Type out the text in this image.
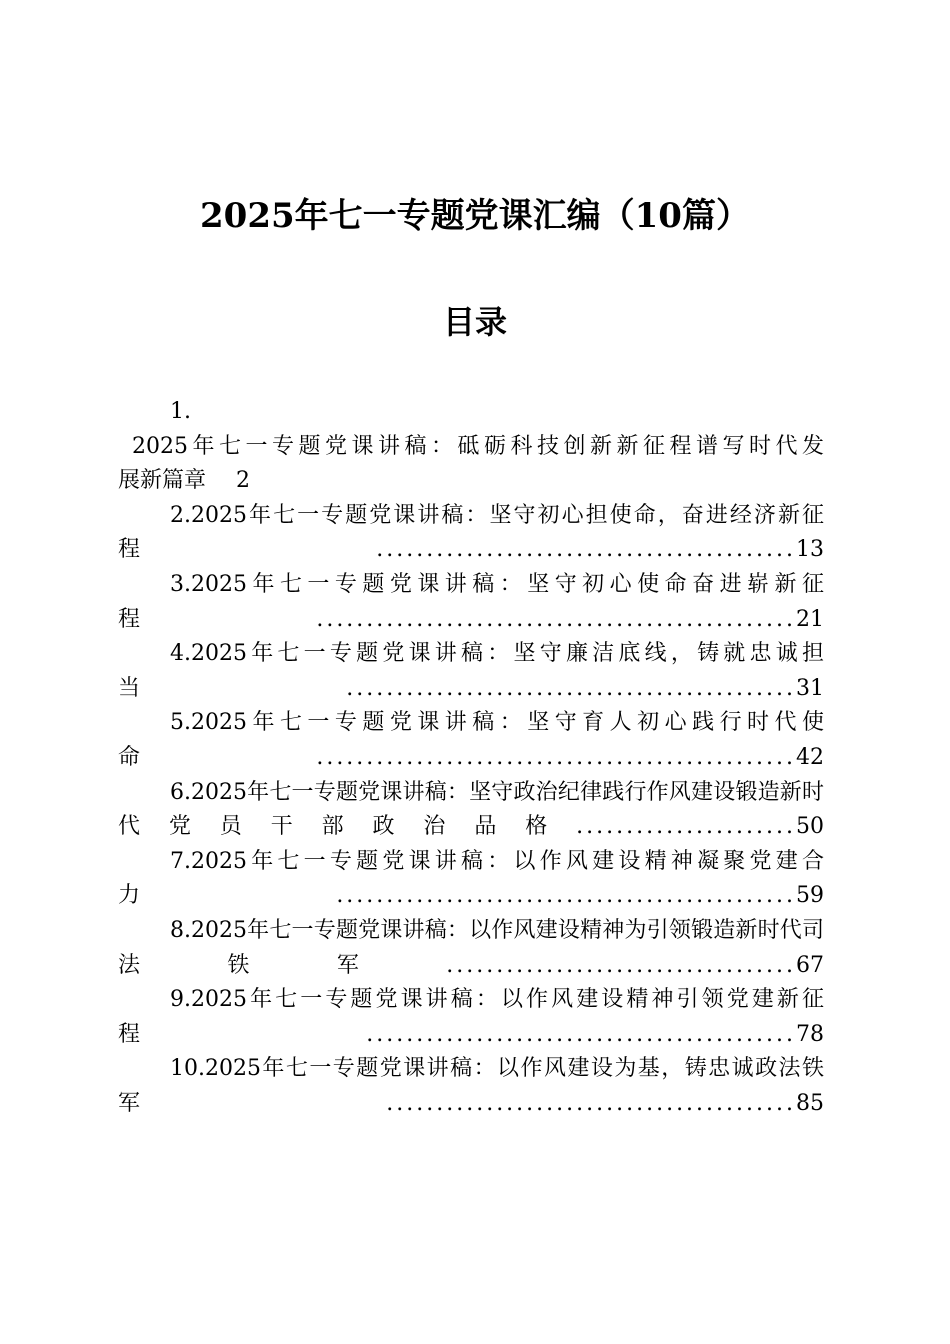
2025年七一专题党课汇编（10篇）
目录
1.
2025年七一专题党课讲稿：砥砺科技创新新征程谱写时代发
展新篇章 2
2.2025年七一专题党课讲稿：坚守初心担使命，奋进经济新征程..........................................13
3.2025年七一专题党课讲稿：坚守初心使命奋进崭新征程................................................21
4.2025年七一专题党课讲稿：坚守廉洁底线，铸就忠诚担当.............................................31
5.2025年七一专题党课讲稿：坚守育人初心践行时代使命................................................42
6.2025年七一专题党课讲稿：坚守政治纪律践行作风建设锻造新时代党员干部政治品格......................50
7.2025年七一专题党课讲稿：以作风建设精神凝聚党建合力..............................................59
8.2025年七一专题党课讲稿：以作风建设精神为引领锻造新时代司法铁军...................................67
9.2025年七一专题党课讲稿：以作风建设精神引领党建新征程...........................................78
10.2025年七一专题党课讲稿：以作风建设为基，铸忠诚政法铁军.........................................85
